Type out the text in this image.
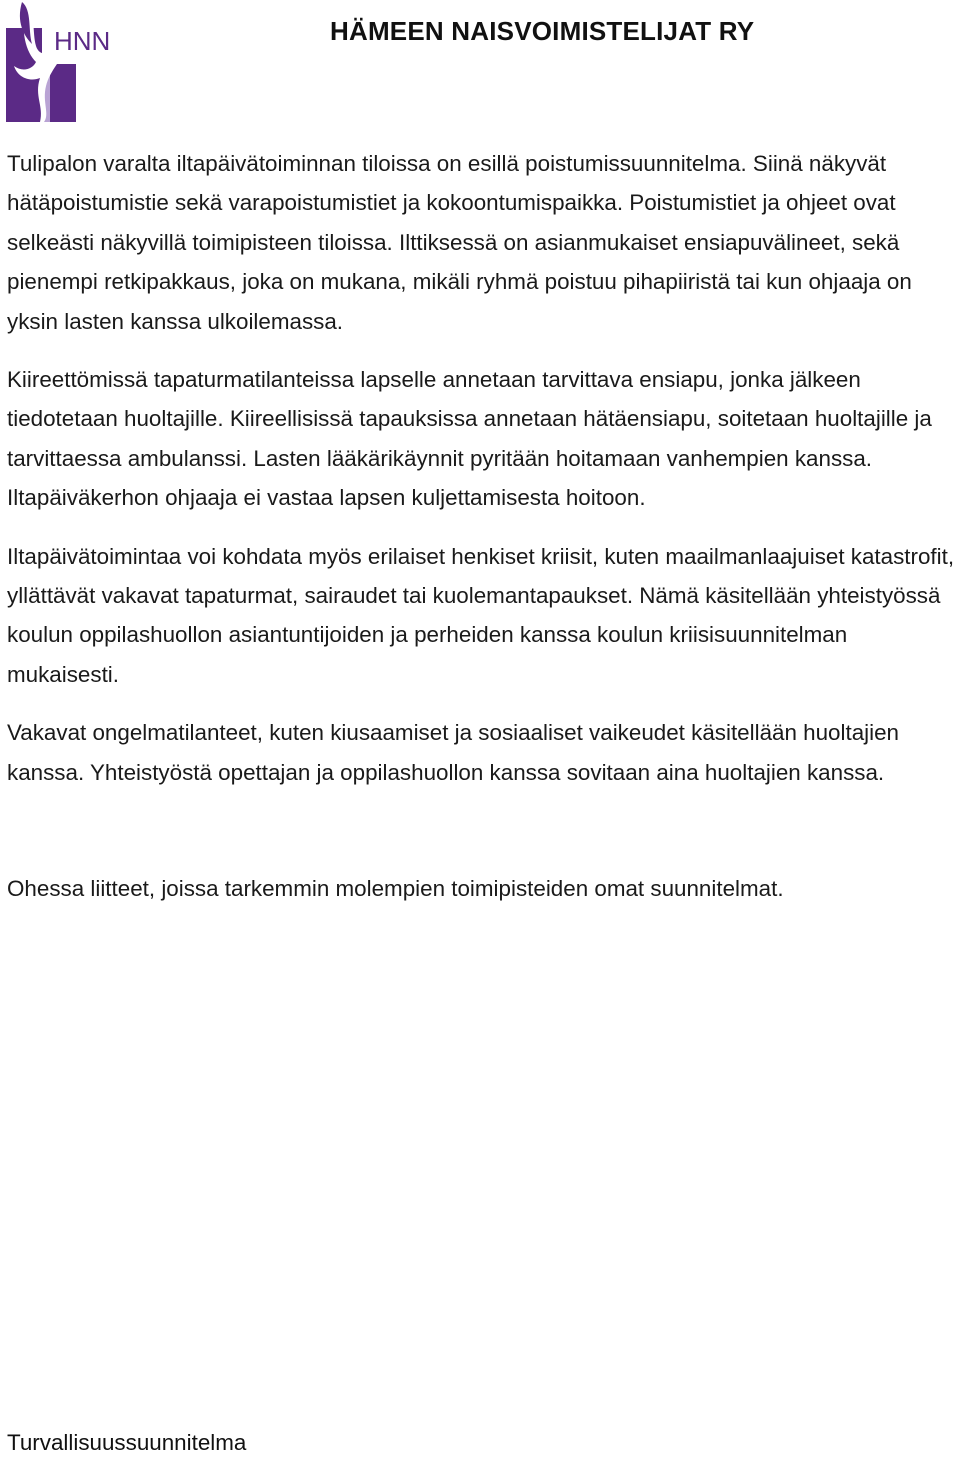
HNN	HÄMEEN NAISVOIMISTELIJAT RY

Tulipalon varalta iltapäivätoiminnan tiloissa on esillä poistumissuunnitelma. Siinä näkyvät hätäpoistumistie sekä varapoistumistiet ja kokoontumispaikka. Poistumistiet ja ohjeet ovat selkeästi näkyvillä toimipisteen tiloissa. Ilttiksessä on asianmukaiset ensiapuvälineet, sekä pienempi retkipakkaus, joka on mukana, mikäli ryhmä poistuu pihapiiristä tai kun ohjaaja on yksin lasten kanssa ulkoilemassa.

Kiireettömissä tapaturmatilanteissa lapselle annetaan tarvittava ensiapu, jonka jälkeen tiedotetaan huoltajille. Kiireellisissä tapauksissa annetaan hätäensiapu, soitetaan huoltajille ja tarvittaessa ambulanssi. Lasten lääkärikäynnit pyritään hoitamaan vanhempien kanssa. Iltapäiväkerhon ohjaaja ei vastaa lapsen kuljettamisesta hoitoon.

Iltapäivätoimintaa voi kohdata myös erilaiset henkiset kriisit, kuten maailmanlaajuiset katastrofit, yllättävät vakavat tapaturmat, sairaudet tai kuolemantapaukset. Nämä käsitellään yhteistyössä koulun oppilashuollon asiantuntijoiden ja perheiden kanssa koulun kriisisuunnitelman mukaisesti.

Vakavat ongelmatilanteet, kuten kiusaamiset ja sosiaaliset vaikeudet käsitellään huoltajien kanssa. Yhteistyöstä opettajan ja oppilashuollon kanssa sovitaan aina huoltajien kanssa.

Ohessa liitteet, joissa tarkemmin molempien toimipisteiden omat suunnitelmat.

Turvallisuussuunnitelma
